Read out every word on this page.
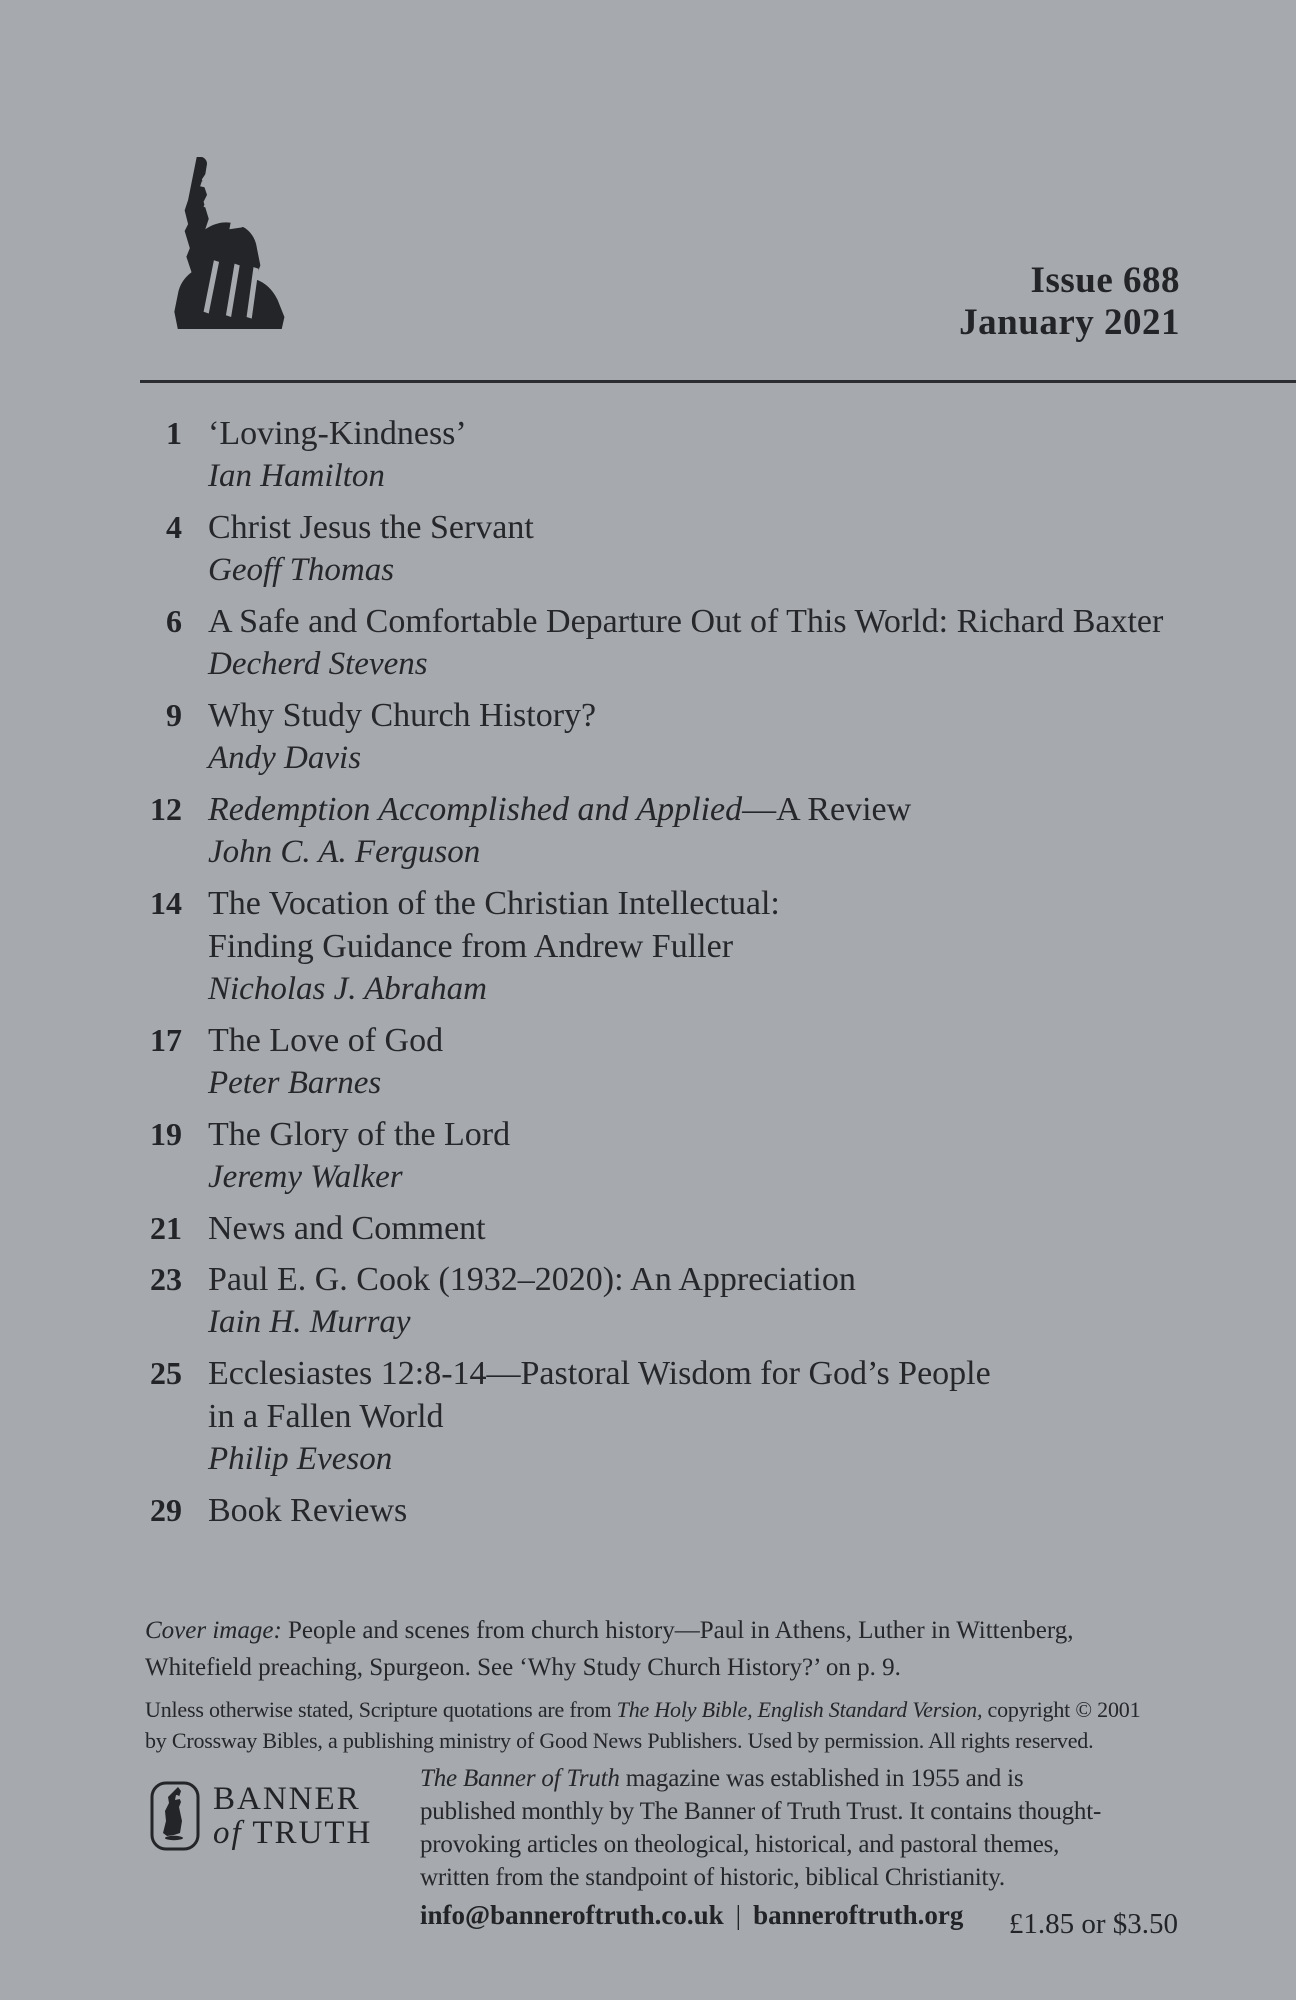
Issue 688
January 2021
1 ‘Loving-Kindness’
Ian Hamilton
4 Christ Jesus the Servant
Geoff Thomas
6 A Safe and Comfortable Departure Out of This World: Richard Baxter
Decherd Stevens
9 Why Study Church History?
Andy Davis
12 Redemption Accomplished and Applied—A Review
John C. A. Ferguson
14 The Vocation of the Christian Intellectual:
Finding Guidance from Andrew Fuller
Nicholas J. Abraham
17 The Love of God
Peter Barnes
19 The Glory of the Lord
Jeremy Walker
21 News and Comment
23 Paul E. G. Cook (1932–2020): An Appreciation
Iain H. Murray
25 Ecclesiastes 12:8-14—Pastoral Wisdom for God’s People
in a Fallen World
Philip Eveson
29 Book Reviews
Cover image: People and scenes from church history—Paul in Athens, Luther in Wittenberg,
Whitefield preaching, Spurgeon. See ‘Why Study Church History?’ on p. 9.
Unless otherwise stated, Scripture quotations are from The Holy Bible, English Standard Version, copyright © 2001
by Crossway Bibles, a publishing ministry of Good News Publishers. Used by permission. All rights reserved.
BANNER
of TRUTH
The Banner of Truth magazine was established in 1955 and is
published monthly by The Banner of Truth Trust. It contains thought-
provoking articles on theological, historical, and pastoral themes,
written from the standpoint of historic, biblical Christianity.
info@banneroftruth.co.uk | banneroftruth.org £1.85 or $3.50
